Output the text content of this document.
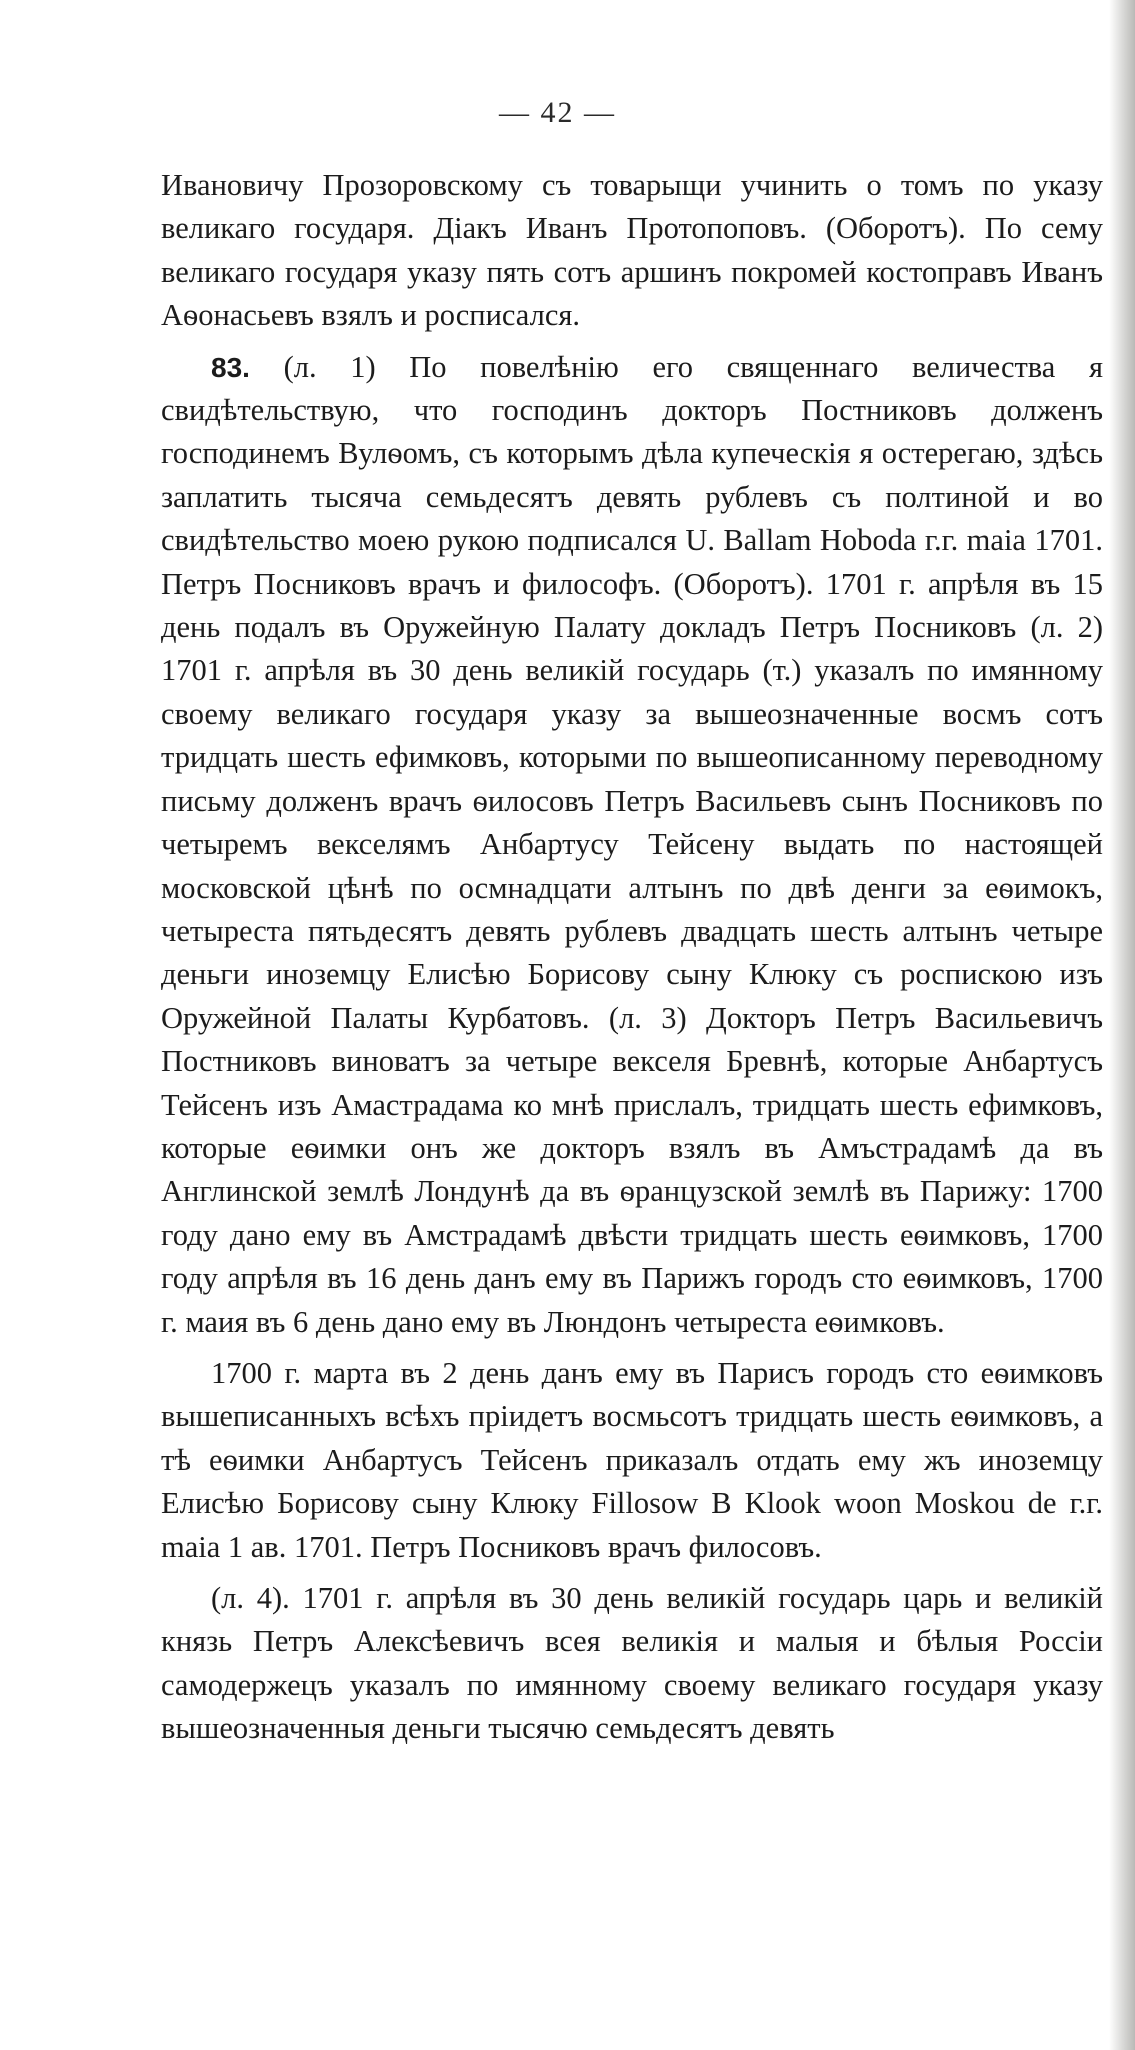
— 42 —

Ивановичу Прозоровскому съ товарыщи учинить о томъ по указу великаго государя. Дiакъ Иванъ Протопоповъ. (Оборотъ). По сему великаго государя указу пять сотъ аршинъ покромей костоправъ Иванъ Аѳонасьевъ взялъ и росписался.

83. (л. 1) По повелѣнiю его священнаго величества я свидѣтельствую, что господинъ докторъ Постниковъ долженъ господинемъ Вулѳомъ, съ которымъ дѣла купеческiя я остерегаю, здѣсь заплатить тысяча семьдесятъ девять рублевъ съ полтиной и во свидѣтельство моею рукою подписался U. Ballam Hoboda г.г. maia 1701. Петръ Посниковъ врачъ и философъ. (Оборотъ). 1701 г. апрѣля въ 15 день подалъ въ Оружейную Палату докладъ Петръ Посниковъ (л. 2) 1701 г. апрѣля въ 30 день великiй государь (т.) указалъ по имянному своему великаго государя указу за вышеозначенные восмъ сотъ тридцать шесть ефимковъ, которыми по вышеописанному переводному письму долженъ врачъ ѳилосовъ Петръ Васильевъ сынъ Посниковъ по четыремъ векселямъ Анбартусу Тейсену выдать по настоящей московской цѣнѣ по осмнадцати алтынъ по двѣ денги за еѳимокъ, четыреста пятьдесятъ девять рублевъ двадцать шесть алтынъ четыре деньги иноземцу Елисѣю Борисову сыну Клюку съ роспискою изъ Оружейной Палаты Курбатовъ. (л. 3) Докторъ Петръ Васильевичъ Постниковъ виноватъ за четыре векселя Бревнѣ, которые Анбартусъ Тейсенъ изъ Амастрадама ко мнѣ прислалъ, тридцать шесть ефимковъ, которые еѳимки онъ же докторъ взялъ въ Амъстрадамѣ да въ Англинской землѣ Лондунѣ да въ ѳранцузской землѣ въ Парижу: 1700 году дано ему въ Амстрадамѣ двѣсти тридцать шесть еѳимковъ, 1700 году апрѣля въ 16 день данъ ему въ Парижъ городъ сто еѳимковъ, 1700 г. маия въ 6 день дано ему въ Люндонъ четыреста еѳимковъ.

1700 г. марта въ 2 день данъ ему въ Парисъ городъ сто еѳимковъ вышеписанныхъ всѣхъ прiидетъ восмьсотъ тридцать шесть еѳимковъ, а тѣ еѳимки Анбартусъ Тейсенъ приказалъ отдать ему жъ иноземцу Елисѣю Борисову сыну Клюку Fillosow B Klook woon Moskou de г.г. maia 1 ав. 1701. Петръ Посниковъ врачъ филосовъ.

(л. 4). 1701 г. апрѣля въ 30 день великiй государь царь и великiй князь Петръ Алексѣевичъ всея великiя и малыя и бѣлыя Россiи самодержецъ указалъ по имянному своему великаго государя указу вышеозначенныя деньги тысячю семьдесятъ девять
